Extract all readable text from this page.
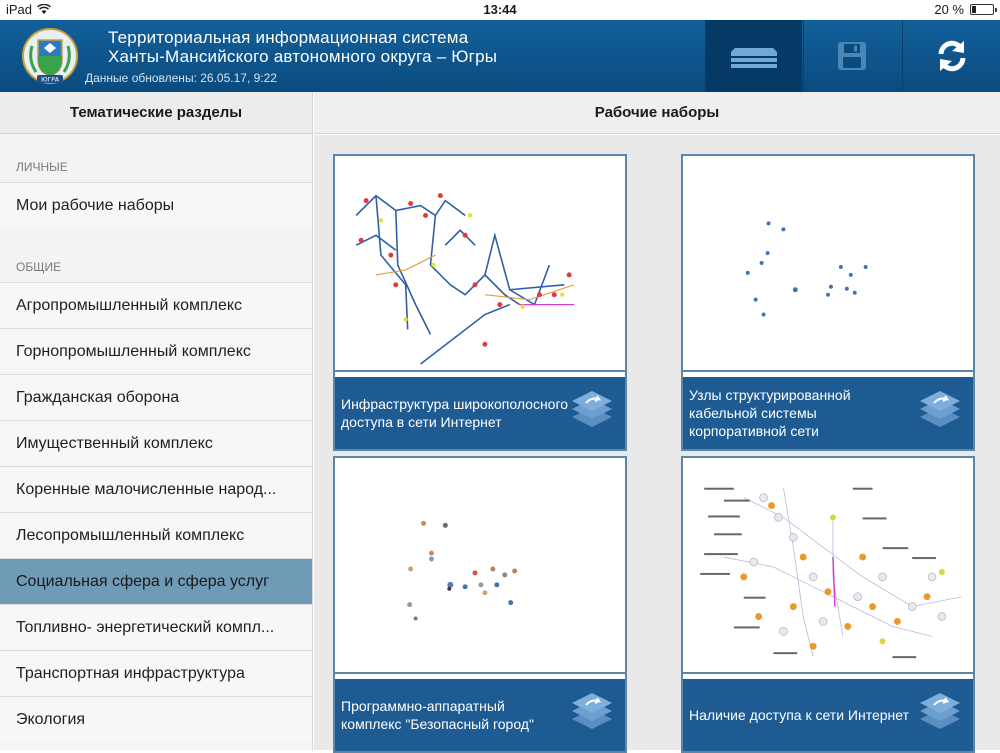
iPad	13:44	20 %
ЮГРА
Территориальная информационная система
Ханты-Мансийского автономного округа – Югры
Данные обновлены: 26.05.17, 9:22
Тематические разделы
ЛИЧНЫЕ
Мои рабочие наборы
ОБЩИЕ
Агропромышленный комплекс
Горнопромышленный комплекс
Гражданская оборона
Имущественный комплекс
Коренные малочисленные народ...
Лесопромышленный комплекс
Социальная сфера и сфера услуг
Топливно- энергетический компл...
Транспортная инфраструктура
Экология
Рабочие наборы
Инфраструктура широкополосного доступа в сети Интернет
Узлы структурированной кабельной системы корпоративной сети
Программно-аппаратный комплекс "Безопасный город"
Наличие доступа к сети Интернет
